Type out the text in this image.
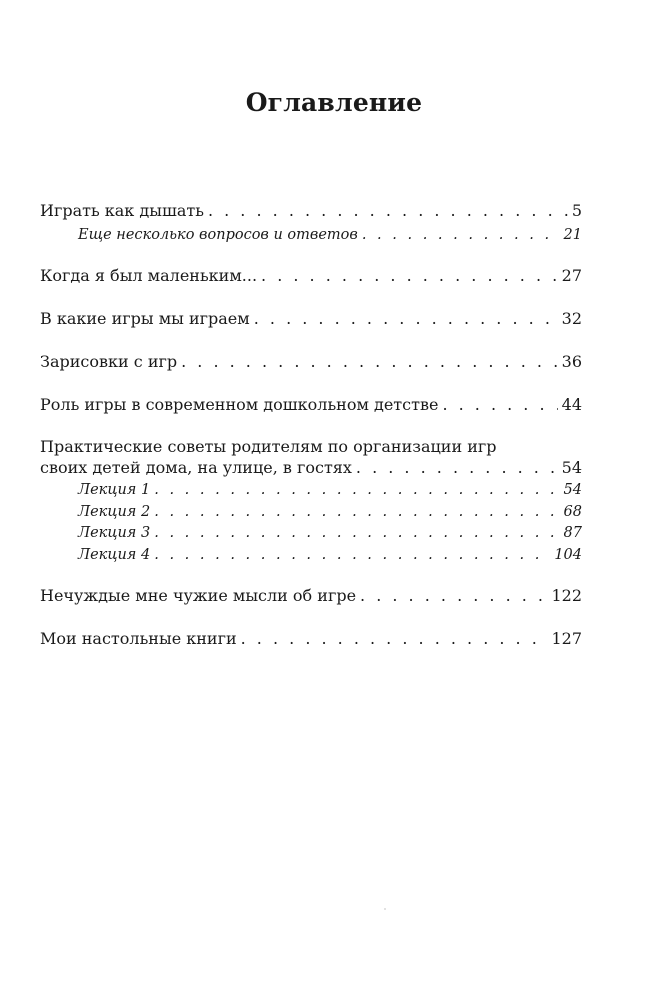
Оглавление
Играть как дышать . . .	5
Еще несколько вопросов и ответов . . .	21
Когда я был маленьким... . . .	27
В какие игры мы играем . . .	32
Зарисовки с игр . . .	36
Роль игры в современном дошкольном детстве . . .	44
Практические советы родителям по организации игр
своих детей дома, на улице, в гостях . . .	54
Лекция 1 . . .	54
Лекция 2 . . .	68
Лекция 3 . . .	87
Лекция 4 . . .	104
Нечуждые мне чужие мысли об игре . . .	122
Мои настольные книги . . .	127
